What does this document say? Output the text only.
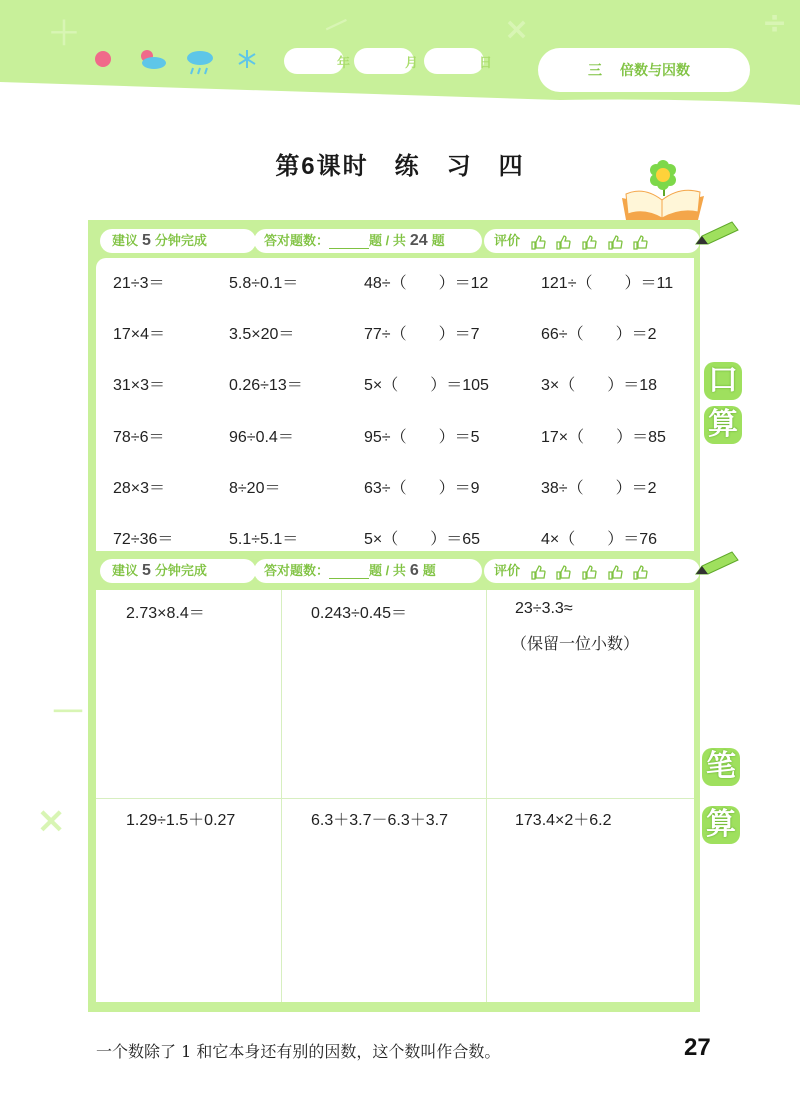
＋	－	×	÷
年	月	日	三 倍数与因数
第6课时　练　习　四
建议 5 分钟完成	答对题数：	题 / 共 24 题	评价
21÷3＝	5.8÷0.1＝	48÷（　　）＝12	121÷（　　）＝11
17×4＝	3.5×20＝	77÷（　　）＝7	66÷（　　）＝2
31×3＝	0.26÷13＝	5×（　　）＝105	3×（　　）＝18
78÷6＝	96÷0.4＝	95÷（　　）＝5	17×（　　）＝85
28×3＝	8÷20＝	63÷（　　）＝9	38÷（　　）＝2
72÷36＝	5.1÷5.1＝	5×（　　）＝65	4×（　　）＝76
口
算
建议 5 分钟完成	答对题数：	题 / 共 6 题	评价
2.73×8.4＝	0.243÷0.45＝	23÷3.3≈
（保留一位小数）
1.29÷1.5＋0.27	6.3＋3.7－6.3＋3.7	173.4×2＋6.2
笔
算
－
×
一个数除了 1 和它本身还有别的因数，这个数叫作合数。	27
